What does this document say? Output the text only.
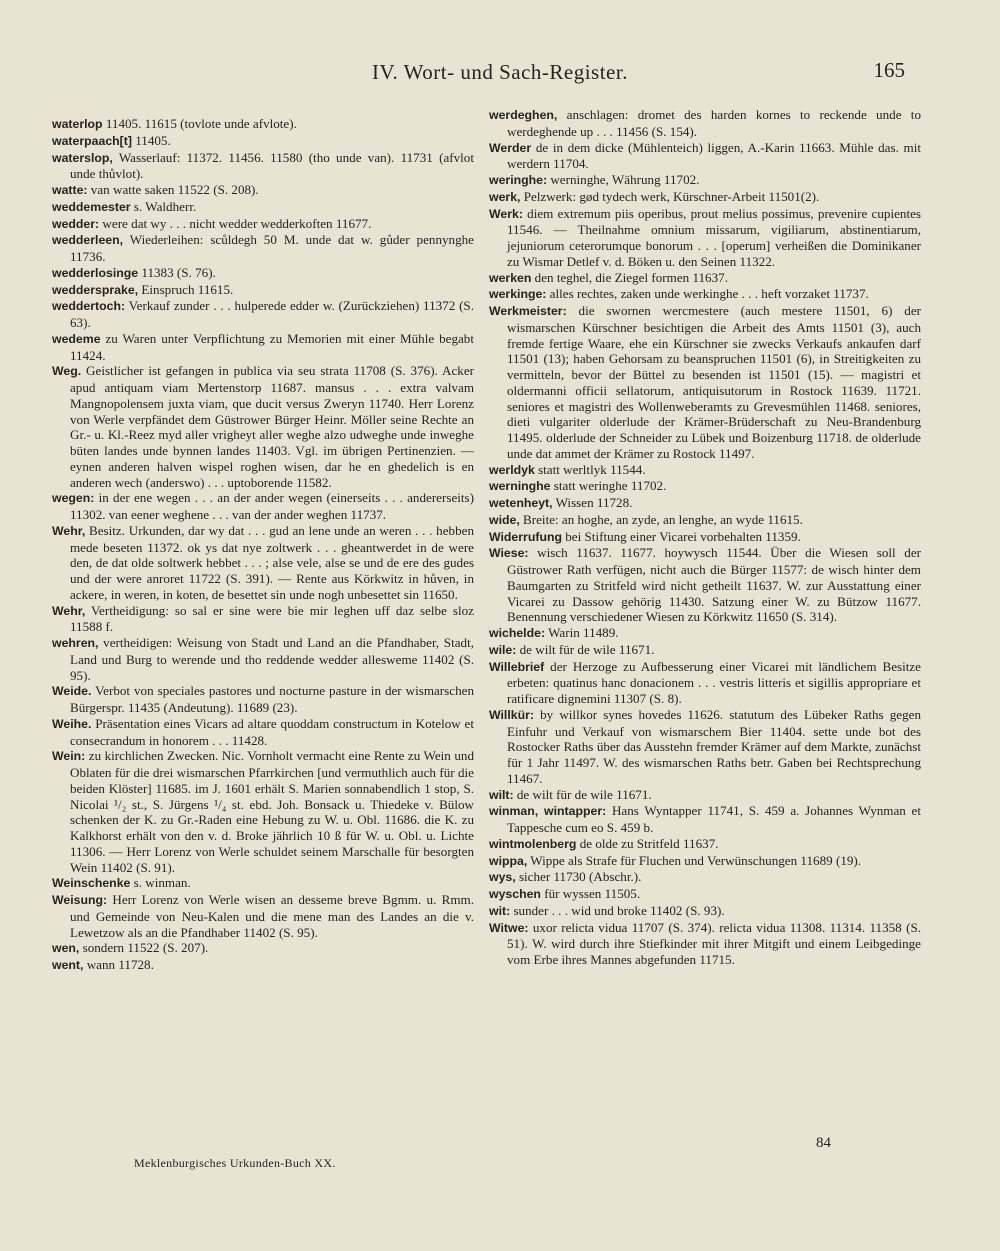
IV. Wort- und Sach-Register.	165

waterlop 11405. 11615 (tovlote unde afvlote).

waterpaach[t] 11405.

waterslop, Wasserlauf: 11372. 11456. 11580 (tho unde van). 11731 (afvlot unde thůvlot).

watte: van watte saken 11522 (S. 208).

weddemester s. Waldherr.

wedder: were dat wy . . . nicht wedder wedderkoften 11677.

wedderleen, Wiederleihen: scůldegh 50 M. unde dat w. gůder pennynghe 11736.

wedderlosinge 11383 (S. 76).

weddersprake, Einspruch 11615.

weddertoch: Verkauf zunder . . . hulperede edder w. (Zurückziehen) 11372 (S. 63).

wedeme zu Waren unter Verpflichtung zu Memorien mit einer Mühle begabt 11424.

Weg. Geistlicher ist gefangen in publica via seu strata 11708 (S. 376). Acker apud antiquam viam Mertenstorp 11687. mansus . . . extra valvam Mangnopolensem juxta viam, que ducit versus Zweryn 11740. Herr Lorenz von Werle verpfändet dem Güstrower Bürger Heinr. Möller seine Rechte an Gr.- u. Kl.-Reez myd aller vrigheyt aller weghe alzo udweghe unde inweghe büten landes unde bynnen landes 11403. Vgl. im übrigen Pertinenzien. — eynen anderen halven wispel roghen wisen, dar he en ghedelich is en anderen wech (anderswo) . . . uptoborende 11582.

wegen: in der ene wegen . . . an der ander wegen (einerseits . . . andererseits) 11302. van eener weghene . . . van der ander weghen 11737.

Wehr, Besitz. Urkunden, dar wy dat . . . gud an lene unde an weren . . . hebben mede beseten 11372. ok ys dat nye zoltwerk . . . gheantwerdet in de were den, de dat olde soltwerk hebbet . . . ; alse vele, alse se und de ere des gudes und der were anroret 11722 (S. 391). — Rente aus Körkwitz in hůven, in ackere, in weren, in koten, de besettet sin unde nogh unbesettet sin 11650.

Wehr, Vertheidigung: so sal er sine were bie mir leghen uff daz selbe sloz 11588 f.

wehren, vertheidigen: Weisung von Stadt und Land an die Pfandhaber, Stadt, Land und Burg to werende und tho reddende wedder allesweme 11402 (S. 95).

Weide. Verbot von speciales pastores und nocturne pasture in der wismarschen Bürgerspr. 11435 (Andeutung). 11689 (23).

Weihe. Präsentation eines Vicars ad altare quoddam constructum in Kotelow et consecrandum in honorem . . . 11428.

Wein: zu kirchlichen Zwecken. Nic. Vornholt vermacht eine Rente zu Wein und Oblaten für die drei wismarschen Pfarrkirchen [und vermuthlich auch für die beiden Klöster] 11685. im J. 1601 erhält S. Marien sonnabendlich 1 stop, S. Nicolai ¹/₂ st., S. Jürgens ¹/₄ st. ebd. Joh. Bonsack u. Thiedeke v. Bülow schenken der K. zu Gr.-Raden eine Hebung zu W. u. Obl. 11686. die K. zu Kalkhorst erhält von den v. d. Broke jährlich 10 ß für W. u. Obl. u. Lichte 11306. — Herr Lorenz von Werle schuldet seinem Marschalle für besorgten Wein 11402 (S. 91).

Weinschenke s. winman.

Weisung: Herr Lorenz von Werle wisen an desseme breve Bgmm. u. Rmm. und Gemeinde von Neu-Kalen und die mene man des Landes an die v. Lewetzow als an die Pfandhaber 11402 (S. 95).

wen, sondern 11522 (S. 207).

went, wann 11728.

werdeghen, anschlagen: dromet des harden kornes to reckende unde to werdeghende up . . . 11456 (S. 154).

Werder de in dem dicke (Mühlenteich) liggen, A.-Karin 11663. Mühle das. mit werdern 11704.

weringhe: werninghe, Währung 11702.

werk, Pelzwerk: gød tydech werk, Kürschner-Arbeit 11501(2).

Werk: diem extremum piis operibus, prout melius possimus, prevenire cupientes 11546. — Theilnahme omnium missarum, vigiliarum, abstinentiarum, jejuniorum ceterorumque bonorum . . . [operum] verheißen die Dominikaner zu Wismar Detlef v. d. Böken u. den Seinen 11322.

werken den teghel, die Ziegel formen 11637.

werkinge: alles rechtes, zaken unde werkinghe . . . heft vorzaket 11737.

Werkmeister: die swornen wercmestere (auch mestere 11501, 6) der wismarschen Kürschner besichtigen die Arbeit des Amts 11501 (3), auch fremde fertige Waare, ehe ein Kürschner sie zwecks Verkaufs ankaufen darf 11501 (13); haben Gehorsam zu beanspruchen 11501 (6), in Streitigkeiten zu vermitteln, bevor der Büttel zu besenden ist 11501 (15). — magistri et oldermanni officii sellatorum, antiquisutorum in Rostock 11639. 11721. seniores et magistri des Wollenweberamts zu Grevesmühlen 11468. seniores, dieti vulgariter olderlude der Krämer-Brüderschaft zu Neu-Brandenburg 11495. olderlude der Schneider zu Lübek und Boizenburg 11718. de olderlude unde dat ammet der Krämer zu Rostock 11497.

werldyk statt werltlyk 11544.

werninghe statt weringhe 11702.

wetenheyt, Wissen 11728.

wide, Breite: an hoghe, an zyde, an lenghe, an wyde 11615.

Widerrufung bei Stiftung einer Vicarei vorbehalten 11359.

Wiese: wisch 11637. 11677. hoywysch 11544. Über die Wiesen soll der Güstrower Rath verfügen, nicht auch die Bürger 11577: de wisch hinter dem Baumgarten zu Stritfeld wird nicht getheilt 11637. W. zur Ausstattung einer Vicarei zu Dassow gehörig 11430. Satzung einer W. zu Bützow 11677. Benennung verschiedener Wiesen zu Körkwitz 11650 (S. 314).

wichelde: Warin 11489.

wile: de wilt für de wile 11671.

Willebrief der Herzoge zu Aufbesserung einer Vicarei mit ländlichem Besitze erbeten: quatinus hanc donacionem . . . vestris litteris et sigillis appropriare et ratificare dignemini 11307 (S. 8).

Willkür: by willkor synes hovedes 11626. statutum des Lübeker Raths gegen Einfuhr und Verkauf von wismarschem Bier 11404. sette unde bot des Rostocker Raths über das Ausstehn fremder Krämer auf dem Markte, zunächst für 1 Jahr 11497. W. des wismarschen Raths betr. Gaben bei Rechtsprechung 11467.

wilt: de wilt für de wile 11671.

winman, wintapper: Hans Wyntapper 11741, S. 459 a. Johannes Wynman et Tappesche cum eo S. 459 b.

wintmolenberg de olde zu Stritfeld 11637.

wippa, Wippe als Strafe für Fluchen und Verwünschungen 11689 (19).

wys, sicher 11730 (Abschr.).

wyschen für wyssen 11505.

wit: sunder . . . wid und broke 11402 (S. 93).

Witwe: uxor relicta vidua 11707 (S. 374). relicta vidua 11308. 11314. 11358 (S. 51). W. wird durch ihre Stiefkinder mit ihrer Mitgift und einem Leibgedinge vom Erbe ihres Mannes abgefunden 11715.

84
Meklenburgisches Urkunden-Buch XX.
